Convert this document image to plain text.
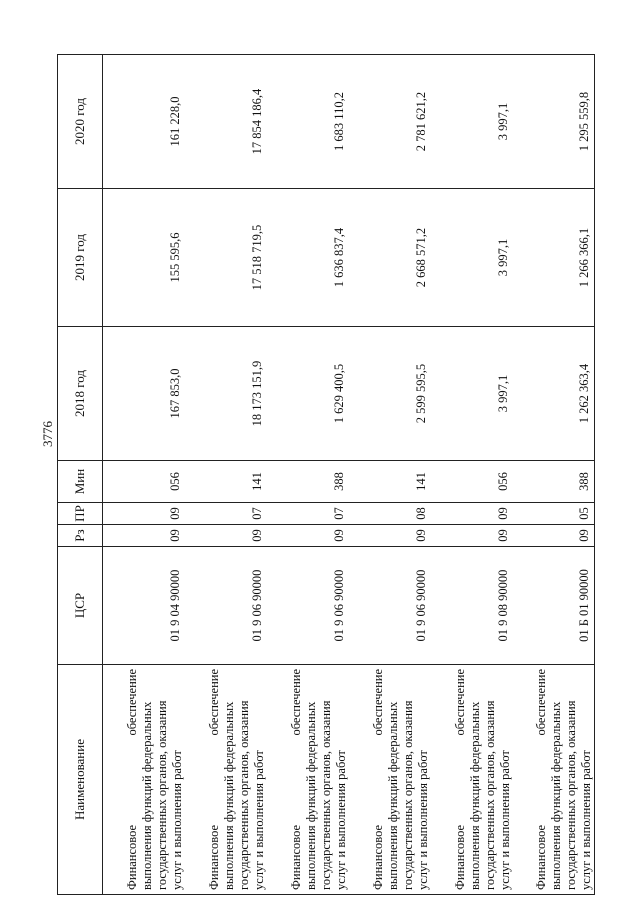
3776
Наименование	ЦСР	Рз	ПР	Мин	2018 год	2019 год	2020 год

Финансовое
обеспечение выполнения функций федеральных государственных органов, оказания услуг и выполнения работ	01 9 04 90000	09	09	056	167 853,0	155 595,6	161 228,0

Финансовое
обеспечение выполнения функций федеральных государственных органов, оказания услуг и выполнения работ	01 9 06 90000	09	07	141	18 173 151,9	17 518 719,5	17 854 186,4

Финансовое
обеспечение выполнения функций федеральных государственных органов, оказания услуг и выполнения работ	01 9 06 90000	09	07	388	1 629 400,5	1 636 837,4	1 683 110,2

Финансовое
обеспечение выполнения функций федеральных государственных органов, оказания услуг и выполнения работ	01 9 06 90000	09	08	141	2 599 595,5	2 668 571,2	2 781 621,2

Финансовое
обеспечение выполнения функций федеральных государственных органов, оказания услуг и выполнения работ	01 9 08 90000	09	09	056	3 997,1	3 997,1	3 997,1

Финансовое
обеспечение выполнения функций федеральных государственных органов, оказания услуг и выполнения работ	01 Б 01 90000	09	05	388	1 262 363,4	1 266 366,1	1 295 559,8
